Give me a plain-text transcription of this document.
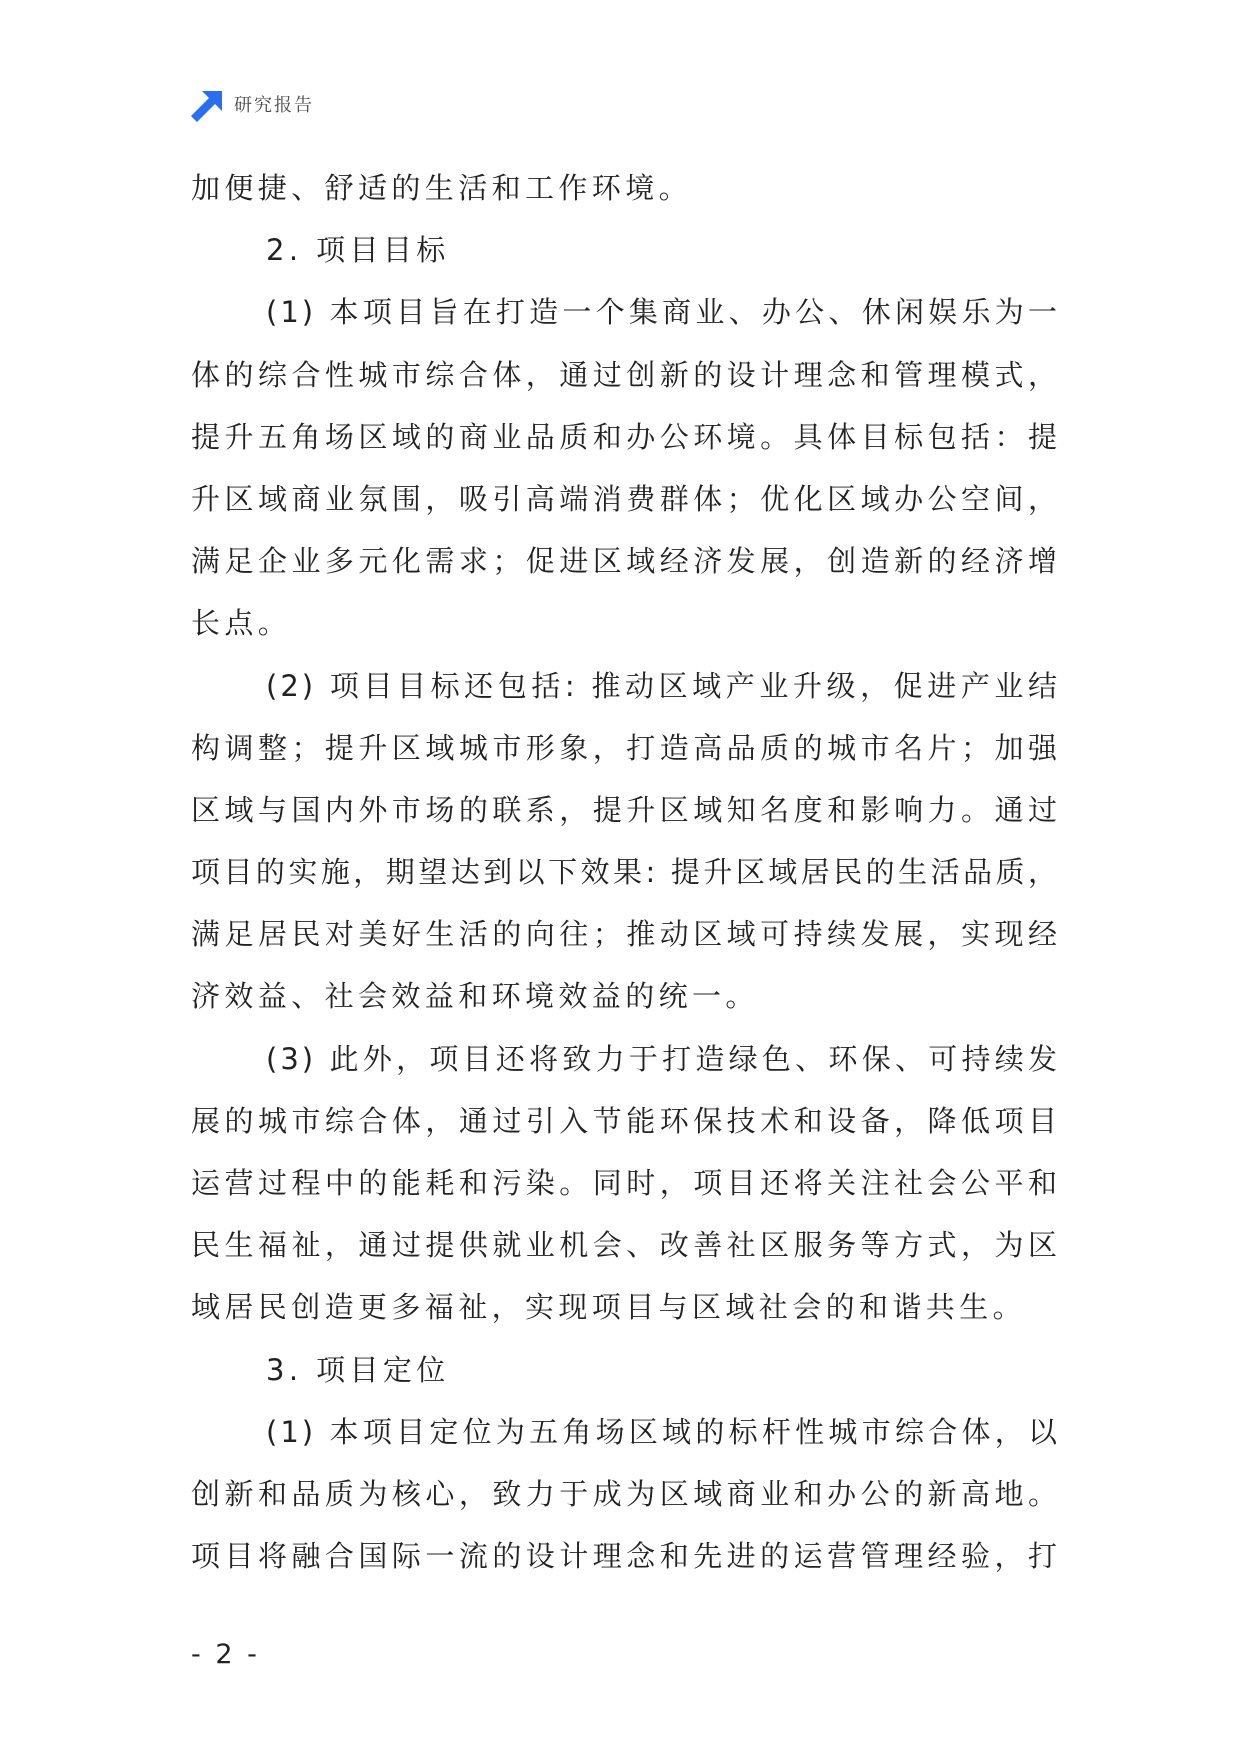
研究报告
加便捷、舒适的生活和工作环境。
2. 项目目标
(1) 本项目旨在打造一个集商业、办公、休闲娱乐为一
体的综合性城市综合体，通过创新的设计理念和管理模式，
提升五角场区域的商业品质和办公环境。具体目标包括：提
升区域商业氛围，吸引高端消费群体；优化区域办公空间，
满足企业多元化需求；促进区域经济发展，创造新的经济增
长点。
(2) 项目目标还包括: 推动区域产业升级，促进产业结
构调整；提升区域城市形象，打造高品质的城市名片；加强
区域与国内外市场的联系，提升区域知名度和影响力。通过
项目的实施，期望达到以下效果: 提升区域居民的生活品质，
满足居民对美好生活的向往；推动区域可持续发展，实现经
济效益、社会效益和环境效益的统一。
(3) 此外，项目还将致力于打造绿色、环保、可持续发
展的城市综合体，通过引入节能环保技术和设备，降低项目
运营过程中的能耗和污染。同时，项目还将关注社会公平和
民生福祉，通过提供就业机会、改善社区服务等方式，为区
域居民创造更多福祉，实现项目与区域社会的和谐共生。
3. 项目定位
(1) 本项目定位为五角场区域的标杆性城市综合体，以
创新和品质为核心，致力于成为区域商业和办公的新高地。
项目将融合国际一流的设计理念和先进的运营管理经验，打
- 2 -
